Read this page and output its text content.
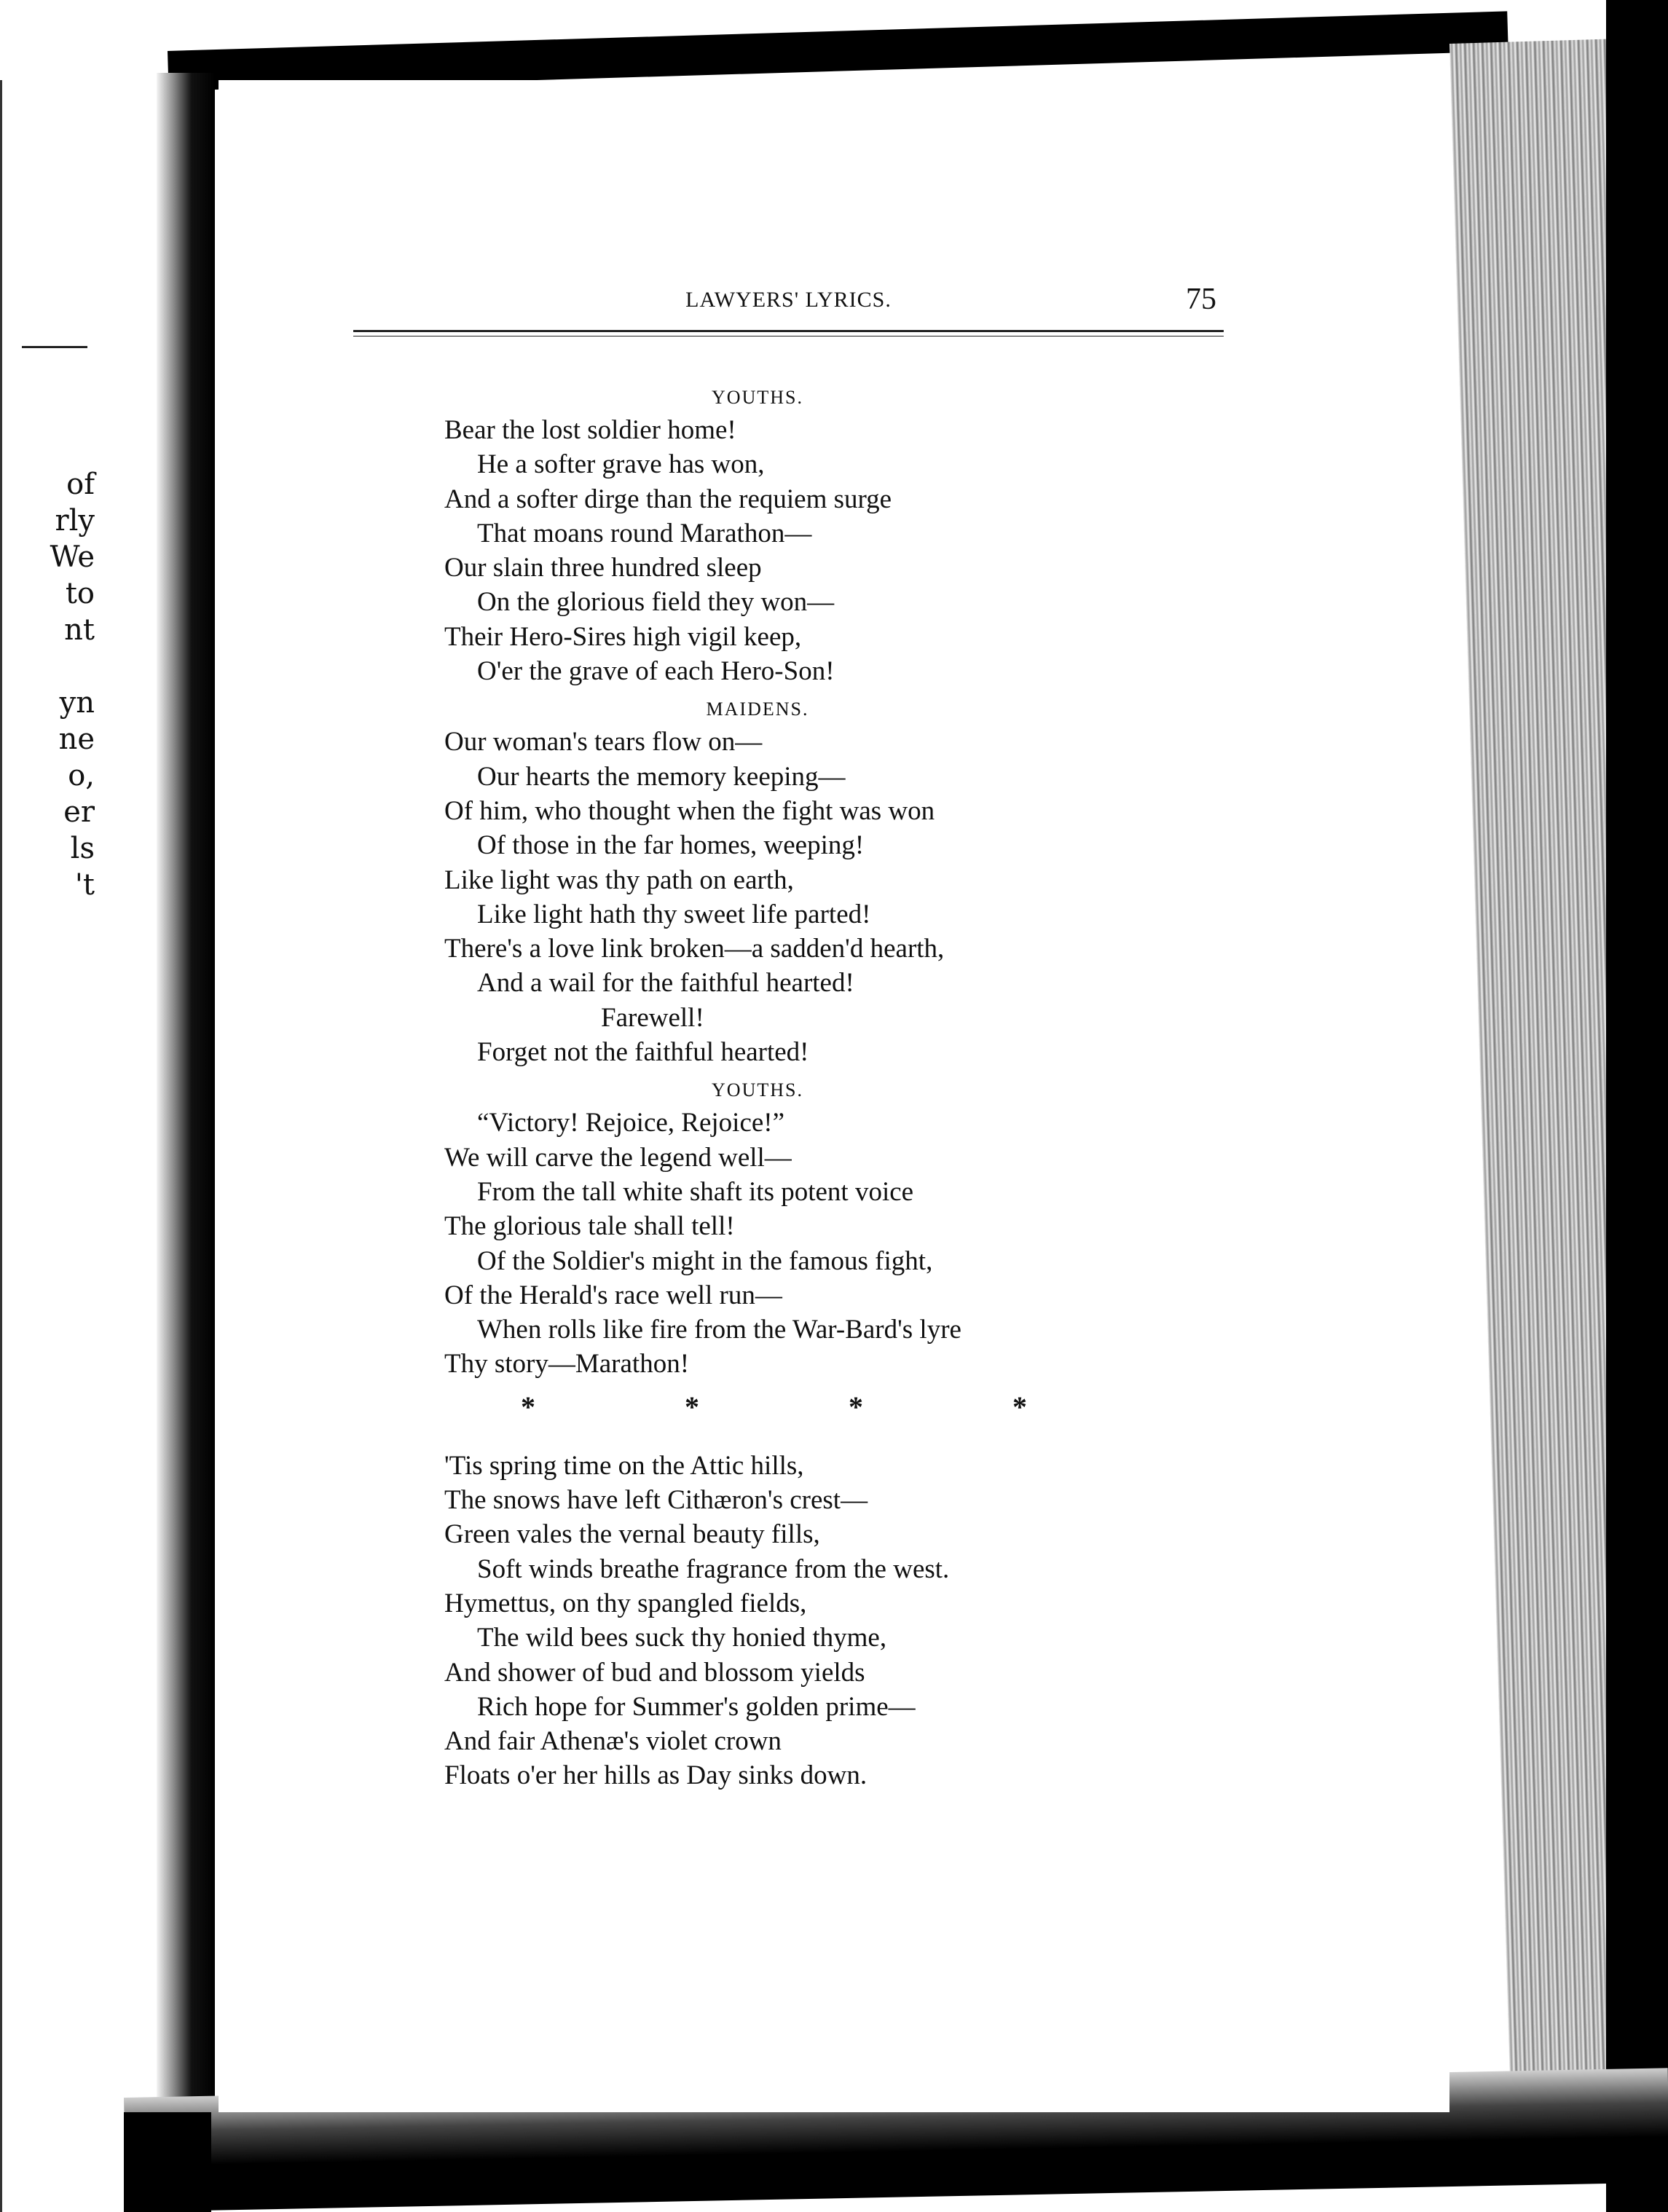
of
rly
We
to
nt
yn
ne
o,
er
ls
't
LAWYERS' LYRICS.	75
YOUTHS.
Bear the lost soldier home!
He a softer grave has won,
And a softer dirge than the requiem surge
That moans round Marathon—
Our slain three hundred sleep
On the glorious field they won—
Their Hero-Sires high vigil keep,
O'er the grave of each Hero-Son!
MAIDENS.
Our woman's tears flow on—
Our hearts the memory keeping—
Of him, who thought when the fight was won
Of those in the far homes, weeping!
Like light was thy path on earth,
Like light hath thy sweet life parted!
There's a love link broken—a sadden'd hearth,
And a wail for the faithful hearted!
Farewell!
Forget not the faithful hearted!
YOUTHS.
“Victory! Rejoice, Rejoice!”
We will carve the legend well—
From the tall white shaft its potent voice
The glorious tale shall tell!
Of the Soldier's might in the famous fight,
Of the Herald's race well run—
When rolls like fire from the War-Bard's lyre
Thy story—Marathon!
*	*	*	*
'Tis spring time on the Attic hills,
The snows have left Cithæron's crest—
Green vales the vernal beauty fills,
Soft winds breathe fragrance from the west.
Hymettus, on thy spangled fields,
The wild bees suck thy honied thyme,
And shower of bud and blossom yields
Rich hope for Summer's golden prime—
And fair Athenæ's violet crown
Floats o'er her hills as Day sinks down.
